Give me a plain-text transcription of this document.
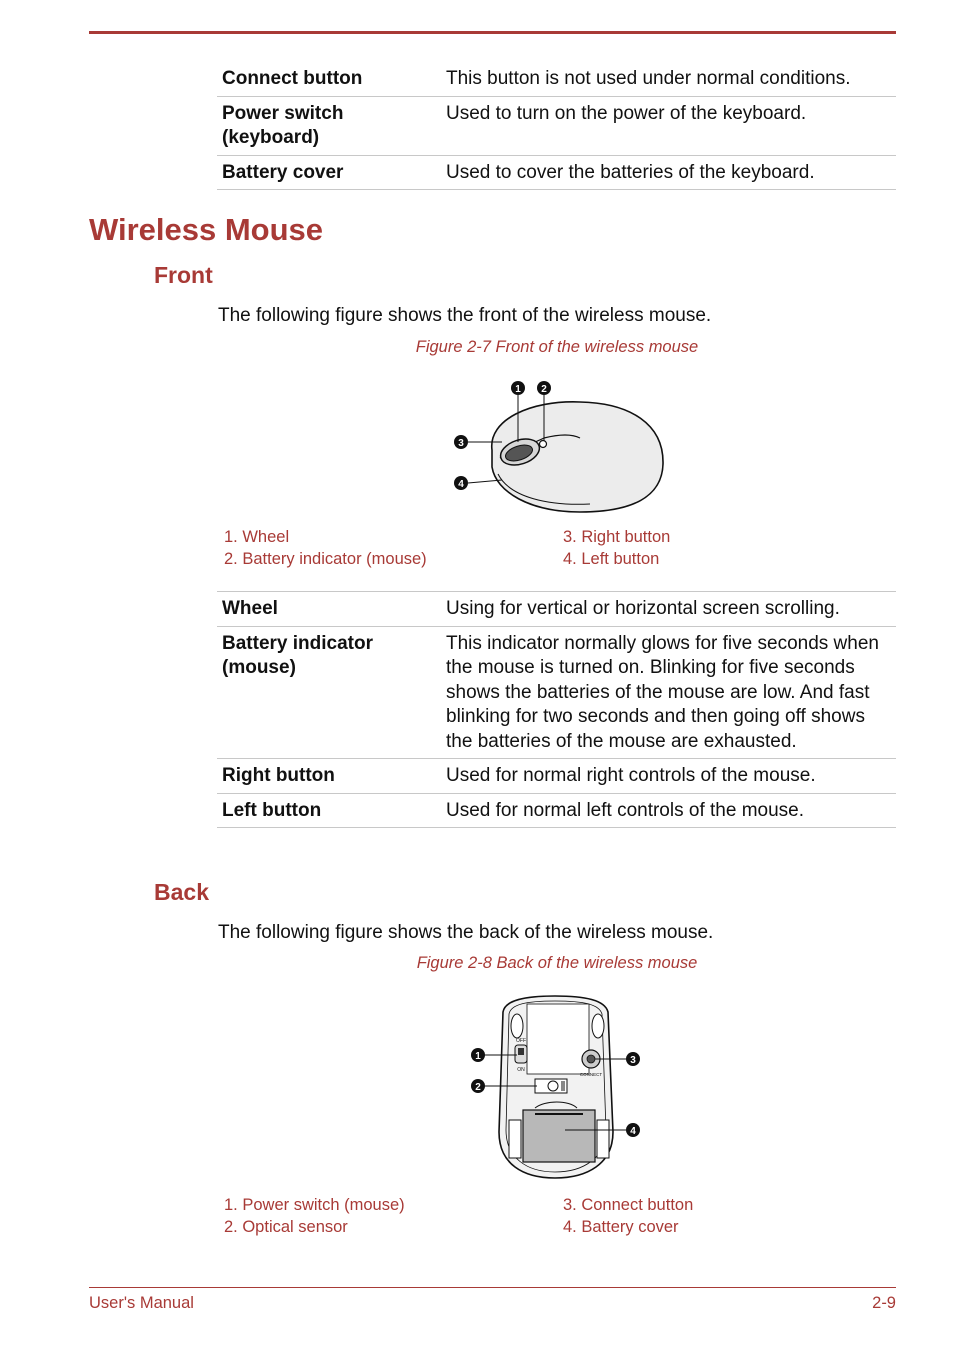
Connect button	This button is not used under normal conditions.

Power switch (keyboard)	Used to turn on the power of the keyboard.
Battery cover	Used to cover the batteries of the keyboard.
Wireless Mouse
Front
The following figure shows the front of the wireless mouse.
Figure 2-7 Front of the wireless mouse
1 2
3
4
1. Wheel
2. Battery indicator (mouse)
3. Right button
4. Left button
Wheel	Using for vertical or horizontal screen scrolling.

Battery indicator (mouse)	This indicator normally glows for five seconds when the mouse is turned on. Blinking for five seconds shows the batteries of the mouse are low. And fast blinking for two seconds and then going off shows the batteries of the mouse are exhausted.
Right button	Used for normal right controls of the mouse.
Left button	Used for normal left controls of the mouse.
Back
The following figure shows the back of the wireless mouse.
Figure 2-8 Back of the wireless mouse
OFF
ON
CONNECT
1
2
3
4
1. Power switch (mouse)
2. Optical sensor
3. Connect button
4. Battery cover
User's Manual	2-9
